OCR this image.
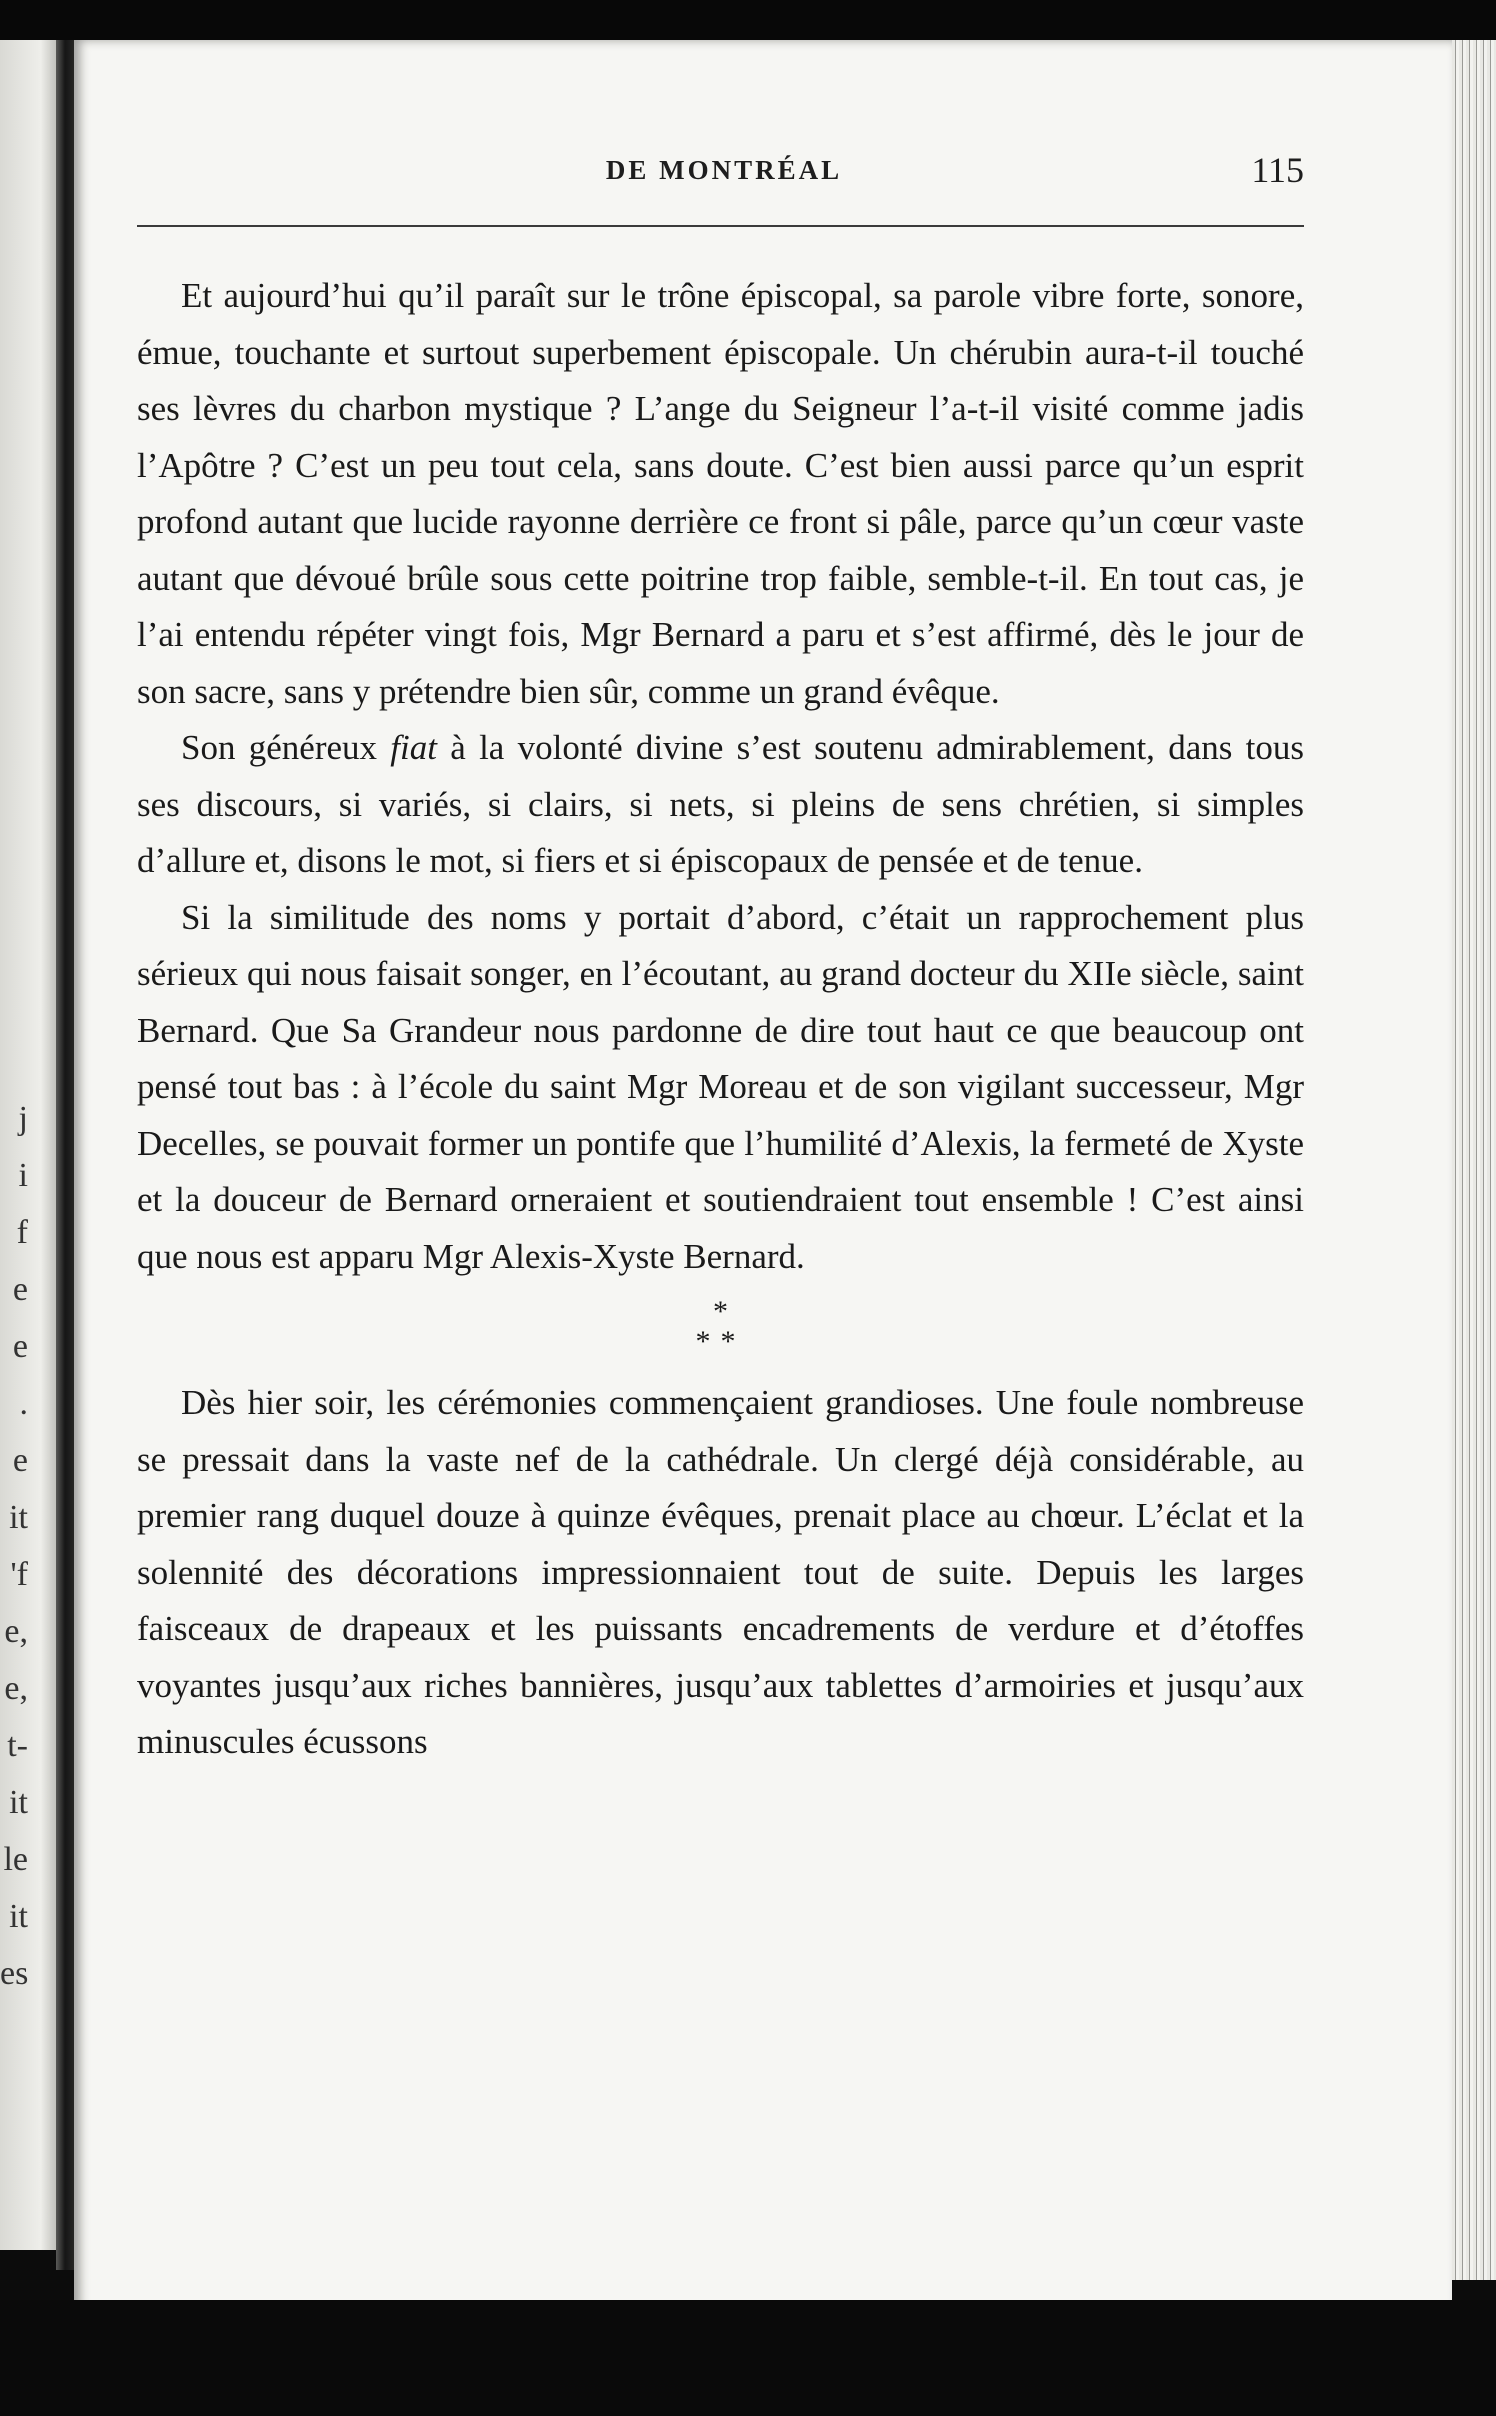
j
i
f
e
e
.
e
it
'f
e,
e,
t-
it
le
it
es
DE MONTRÉAL	115

Et aujourd’hui qu’il paraît sur le trône épiscopal, sa parole vibre forte, sonore, émue, touchante et surtout superbement épiscopale. Un chérubin aura-t-il touché ses lèvres du charbon mystique ? L’ange du Seigneur l’a-t-il visité comme jadis l’Apôtre ? C’est un peu tout cela, sans doute. C’est bien aussi parce qu’un esprit profond autant que lucide rayonne derrière ce front si pâle, parce qu’un cœur vaste autant que dévoué brûle sous cette poitrine trop faible, semble-t-il. En tout cas, je l’ai entendu répéter vingt fois, Mgr Bernard a paru et s’est affirmé, dès le jour de son sacre, sans y prétendre bien sûr, comme un grand évêque.

Son généreux fiat à la volonté divine s’est soutenu admirablement, dans tous ses discours, si variés, si clairs, si nets, si pleins de sens chrétien, si simples d’allure et, disons le mot, si fiers et si épiscopaux de pensée et de tenue.

Si la similitude des noms y portait d’abord, c’était un rapprochement plus sérieux qui nous faisait songer, en l’écoutant, au grand docteur du XIIe siècle, saint Bernard. Que Sa Grandeur nous pardonne de dire tout haut ce que beaucoup ont pensé tout bas : à l’école du saint Mgr Moreau et de son vigilant successeur, Mgr Decelles, se pouvait former un pontife que l’humilité d’Alexis, la fermeté de Xyste et la douceur de Bernard orneraient et soutiendraient tout ensemble ! C’est ainsi que nous est apparu Mgr Alexis-Xyste Bernard.

*
**

Dès hier soir, les cérémonies commençaient grandioses. Une foule nombreuse se pressait dans la vaste nef de la cathédrale. Un clergé déjà considérable, au premier rang duquel douze à quinze évêques, prenait place au chœur. L’éclat et la solennité des décorations impressionnaient tout de suite. Depuis les larges faisceaux de drapeaux et les puissants encadrements de verdure et d’étoffes voyantes jusqu’aux riches bannières, jusqu’aux tablettes d’armoiries et jusqu’aux minuscules écussons
